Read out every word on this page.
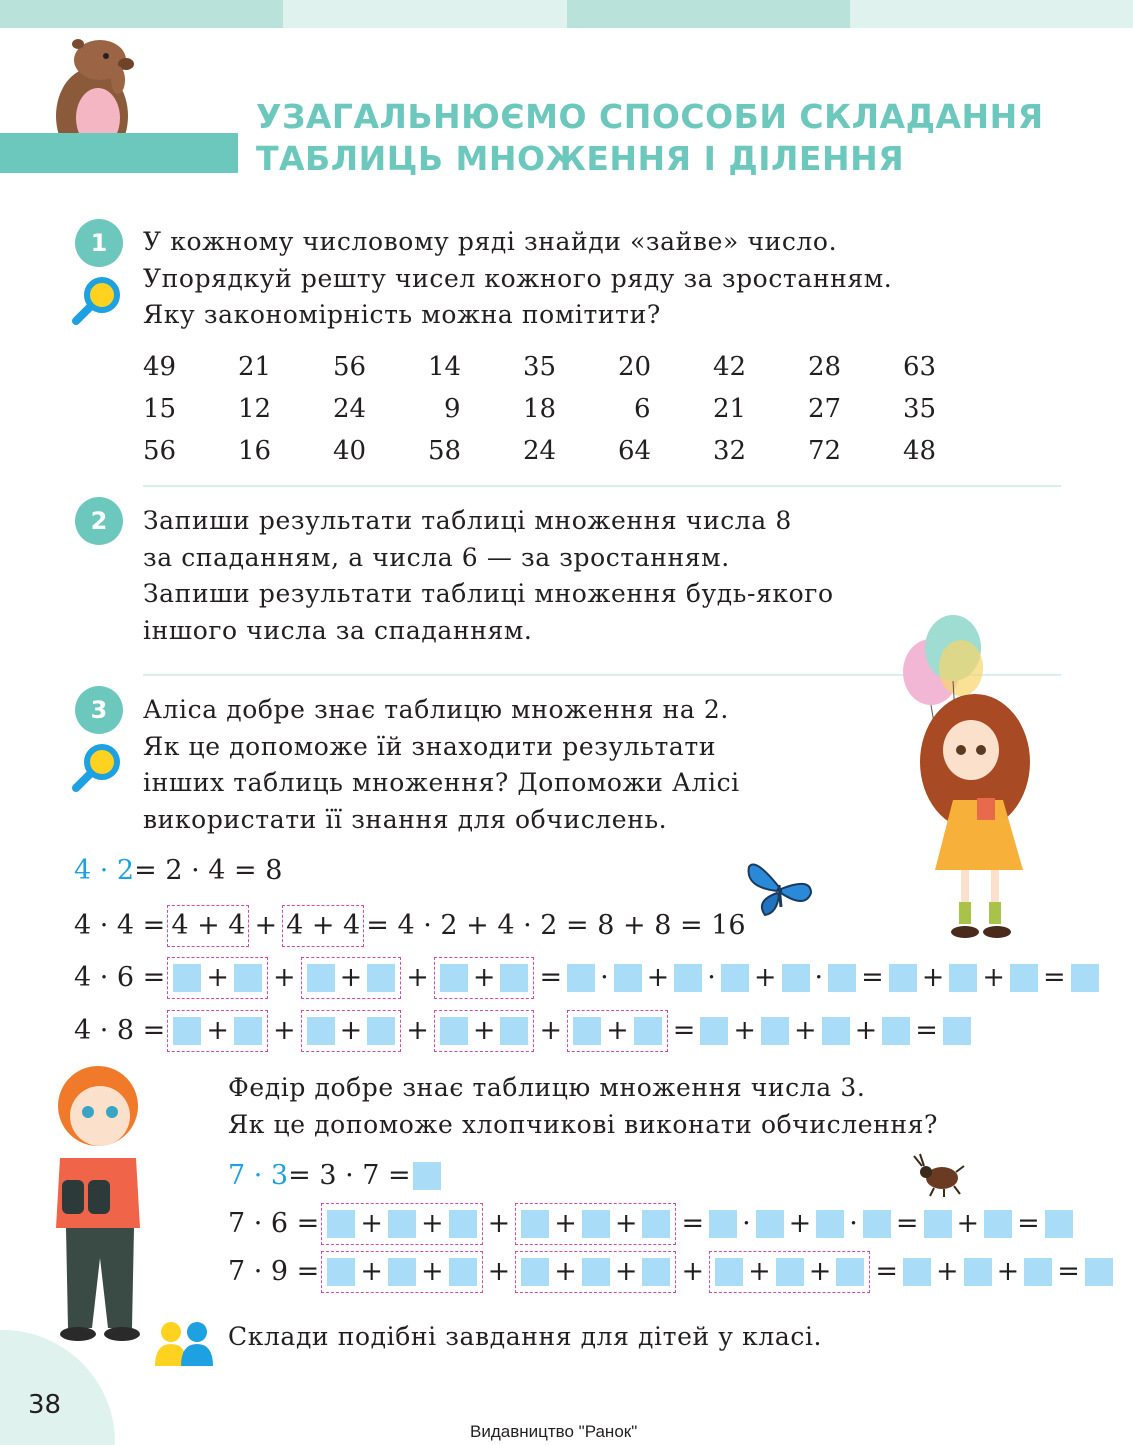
УЗАГАЛЬНЮЄМО СПОСОБИ СКЛАДАННЯ
ТАБЛИЦЬ МНОЖЕННЯ І ДІЛЕННЯ
1 У кожному числовому ряді знайди «зайве» число.
Упорядкуй решту чисел кожного ряду за зростанням.
Яку закономірність можна помітити?
49	21	56	14	35	20	42	28	63
15	12	24	9	18	6	21	27	35
56	16	40	58	24	64	32	72	48
2 Запиши результати таблиці множення числа 8
за спаданням, а числа 6 — за зростанням.
Запиши результати таблиці множення будь-якого
іншого числа за спаданням.
3 Аліса добре знає таблицю множення на 2.
Як це допоможе їй знаходити результати
інших таблиць множення? Допоможи Алісі
використати її знання для обчислень.
4 · 2 = 2 · 4 = 8
4 · 4 = 4 + 4 + 4 + 4 = 4 · 2 + 4 · 2 = 8 + 8 = 16
4 · 6 = + + + + + = · + · + · = + + =
4 · 8 = + + + + + + + = + + + =
Федір добре знає таблицю множення числа 3.
Як це допоможе хлопчикові виконати обчислення?
7 · 3 = 3 · 7 =
7 · 6 = + + + + + = · + · = + =
7 · 9 = + + + + + + + + = + + =
Склади подібні завдання для дітей у класі.
38
Видавництво "Ранок"
